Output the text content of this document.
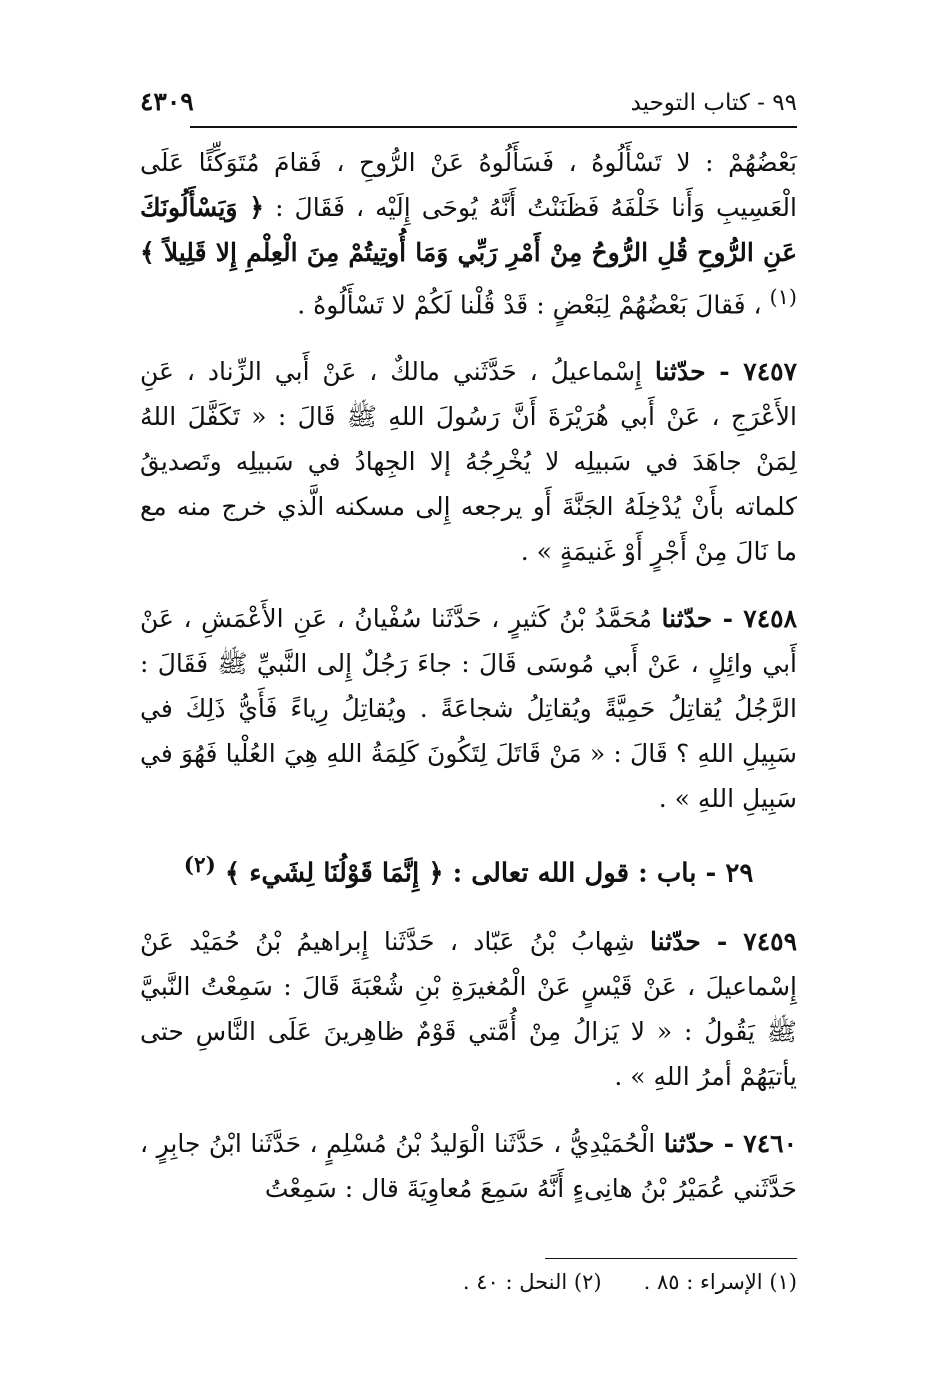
٩٩ - كتاب التوحيد
٤٣٠٩

بَعْضُهُمْ : لا تَسْأَلُوهُ ، فَسَأَلُوهُ عَنْ الرُّوحِ ، فَقامَ مُتَوَكِّئًا عَلَى الْعَسِيبِ وَأَنا خَلْفَهُ فَظَنَنْتُ أَنَّهُ يُوحَى إِلَيْه ، فَقَالَ : ﴿ وَيَسْأَلُونَكَ عَنِ الرُّوحِ قُلِ الرُّوحُ مِنْ أَمْرِ رَبِّي وَمَا أُوتِيتُمْ مِنَ الْعِلْمِ إِلا قَلِيلاً ﴾ $^{(١)}$ ، فَقالَ بَعْضُهُمْ لِبَعْضٍ : قَدْ قُلْنا لَكُمْ لا تَسْأَلُوهُ .

٧٤٥٧ - حدّثنا إِسْماعيلُ ، حَدَّثَني مالكٌ ، عَنْ أَبي الزِّناد ، عَنِ الأَعْرَجِ ، عَنْ أَبي هُرَيْرَةَ أَنَّ رَسُولَ اللهِ ﷺ قَالَ : « تَكَفَّلَ اللهُ لِمَنْ جاهَدَ في سَبيلِه لا يُخْرِجُهُ إلا الجِهادُ في سَبيلِه وتَصديقُ كلماته بأَنْ يُدْخِلَهُ الجَنَّةَ أَو يرجعه إِلى مسكنه الَّذي خرج منه مع ما نَالَ مِنْ أَجْرٍ أَوْ غَنيمَةٍ » .

٧٤٥٨ - حدّثنا مُحَمَّدُ بْنُ كَثيرٍ ، حَدَّثَنا سُفْيانُ ، عَنِ الأَعْمَشِ ، عَنْ أَبي وائِلٍ ، عَنْ أَبي مُوسَى قَالَ : جاءَ رَجُلٌ إِلى النَّبيِّ ﷺ فَقَالَ : الرَّجُلُ يُقاتِلُ حَمِيَّةً ويُقاتِلُ شجاعَةً . ويُقاتِلُ رِياءً فَأَيُّ ذَلِكَ في سَبِيلِ اللهِ ؟ قَالَ : « مَنْ قَاتَلَ لِتَكُونَ كَلِمَةُ اللهِ هِيَ العُلْيا فَهُوَ في سَبِيلِ اللهِ » .

٢٩ - باب : قول الله تعالى : ﴿ إِنَّمَا قَوْلُنَا لِشَيء ﴾ $^{(٢)}$

٧٤٥٩ - حدّثنا شِهابُ بْنُ عَبّاد ، حَدَّثَنا إِبراهيمُ بْنُ حُمَيْد عَنْ إِسْماعيلَ ، عَنْ قَيْسٍ عَنْ الْمُغيرَةِ بْنِ شُعْبَةَ قَالَ : سَمِعْتُ النَّبيَّ ﷺ يَقُولُ : « لا يَزالُ مِنْ أُمَّتي قَوْمٌ ظاهِرينَ عَلَى النَّاسِ حتى يأتيَهُمْ أمرُ اللهِ » .

٧٤٦٠ - حدّثنا الْحُمَيْدِيُّ ، حَدَّثَنا الْوَليدُ بْنُ مُسْلِمٍ ، حَدَّثَنا ابْنُ جابِرٍ ، حَدَّثَني عُمَيْرُ بْنُ هانِىءٍ أَنَّهُ سَمِعَ مُعاوِيَةَ قال : سَمِعْتُ

(١) الإسراء : ٨٥ .
(٢) النحل : ٤٠ .
